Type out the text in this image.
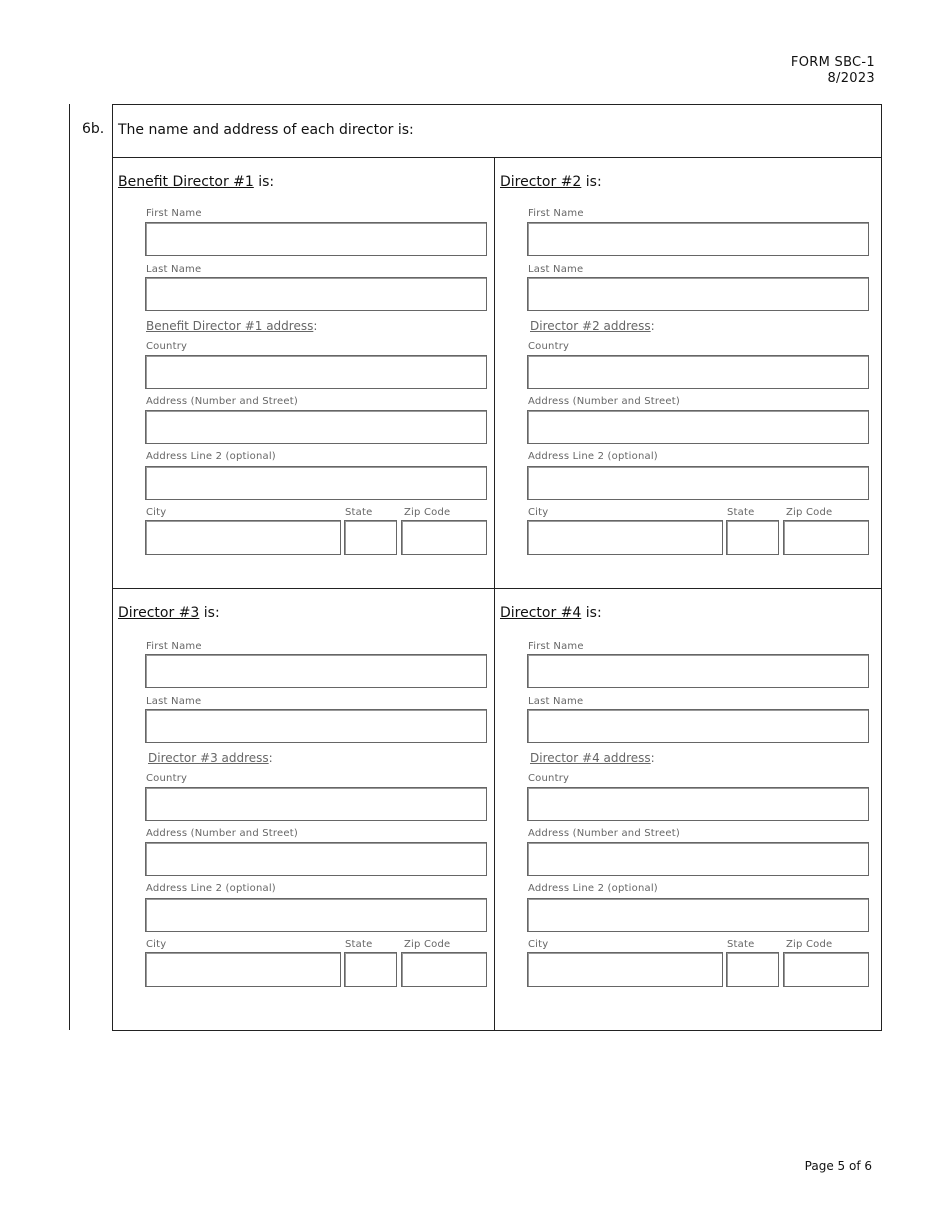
FORM SBC-1
8/2023
6b. The name and address of each director is:
Benefit Director #1 is:
First Name
Last Name
Benefit Director #1 address:
Country
Address (Number and Street)
Address Line 2 (optional)
City	State	Zip Code
Director #2 is:
First Name
Last Name
Director #2 address:
Country
Address (Number and Street)
Address Line 2 (optional)
City	State	Zip Code
Director #3 is:
First Name
Last Name
Director #3 address:
Country
Address (Number and Street)
Address Line 2 (optional)
City	State	Zip Code
Director #4 is:
First Name
Last Name
Director #4 address:
Country
Address (Number and Street)
Address Line 2 (optional)
City	State	Zip Code
Page 5 of 6
